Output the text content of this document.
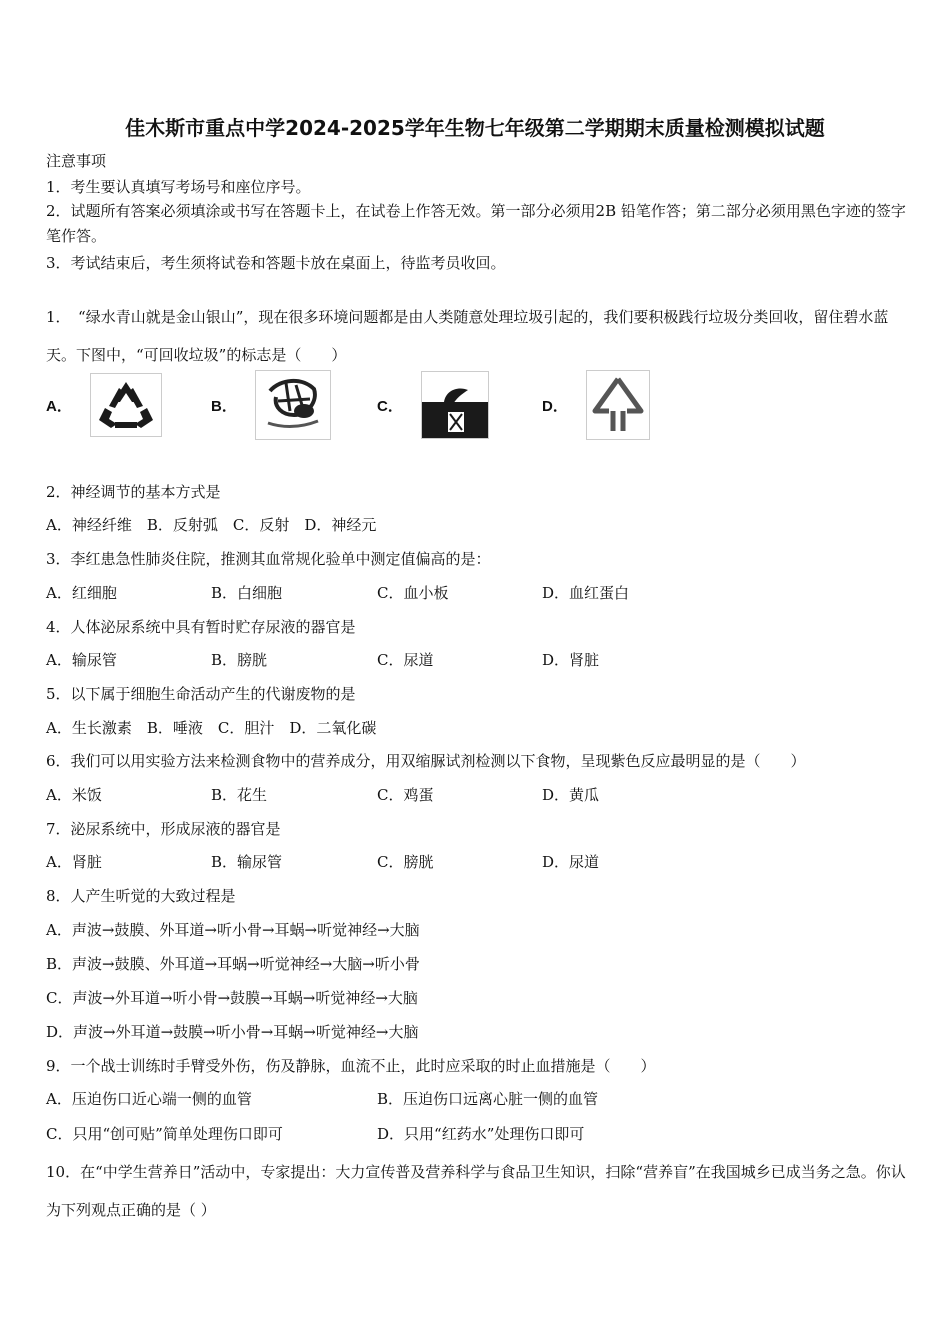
佳木斯市重点中学2024-2025学年生物七年级第二学期期末质量检测模拟试题
注意事项
1．考生要认真填写考场号和座位序号。
2．试题所有答案必须填涂或书写在答题卡上，在试卷上作答无效。第一部分必须用2B 铅笔作答；第二部分必须用黑色字迹的签字笔作答。
3．考试结束后，考生须将试卷和答题卡放在桌面上，待监考员收回。
1．　“绿水青山就是金山银山”，现在很多环境问题都是由人类随意处理垃圾引起的，我们要积极践行垃圾分类回收，留住碧水蓝天。下图中，“可回收垃圾”的标志是（　　）
A．	B．	C．	D．
2．神经调节的基本方式是
A．神经纤维　 B．反射弧　 C．反射　 D．神经元
3．李红患急性肺炎住院，推测其血常规化验单中测定值偏高的是：
A．红细胞	B．白细胞	C．血小板	D．血红蛋白
4．人体泌尿系统中具有暂时贮存尿液的器官是
A．输尿管	B．膀胱	C．尿道	D．肾脏
5．以下属于细胞生命活动产生的代谢废物的是
A．生长激素　 B．唾液　 C．胆汁　 D．二氧化碳
6．我们可以用实验方法来检测食物中的营养成分，用双缩脲试剂检测以下食物，呈现紫色反应最明显的是（　　）
A．米饭	B．花生	C．鸡蛋	D．黄瓜
7．泌尿系统中，形成尿液的器官是
A．肾脏	B．输尿管	C．膀胱	D．尿道
8．人产生听觉的大致过程是
A．声波→鼓膜、外耳道→听小骨→耳蜗→听觉神经→大脑
B．声波→鼓膜、外耳道→耳蜗→听觉神经→大脑→听小骨
C．声波→外耳道→听小骨→鼓膜→耳蜗→听觉神经→大脑
D．声波→外耳道→鼓膜→听小骨→耳蜗→听觉神经→大脑
9．一个战士训练时手臂受外伤，伤及静脉，血流不止，此时应采取的时止血措施是（　　）
A．压迫伤口近心端一侧的血管	B．压迫伤口远离心脏一侧的血管
C．只用“创可贴”简单处理伤口即可	D．只用“红药水”处理伤口即可
10．在“中学生营养日”活动中，专家提出：大力宣传普及营养科学与食品卫生知识，扫除“营养盲”在我国城乡已成当务之急。你认为下列观点正确的是（ ）
